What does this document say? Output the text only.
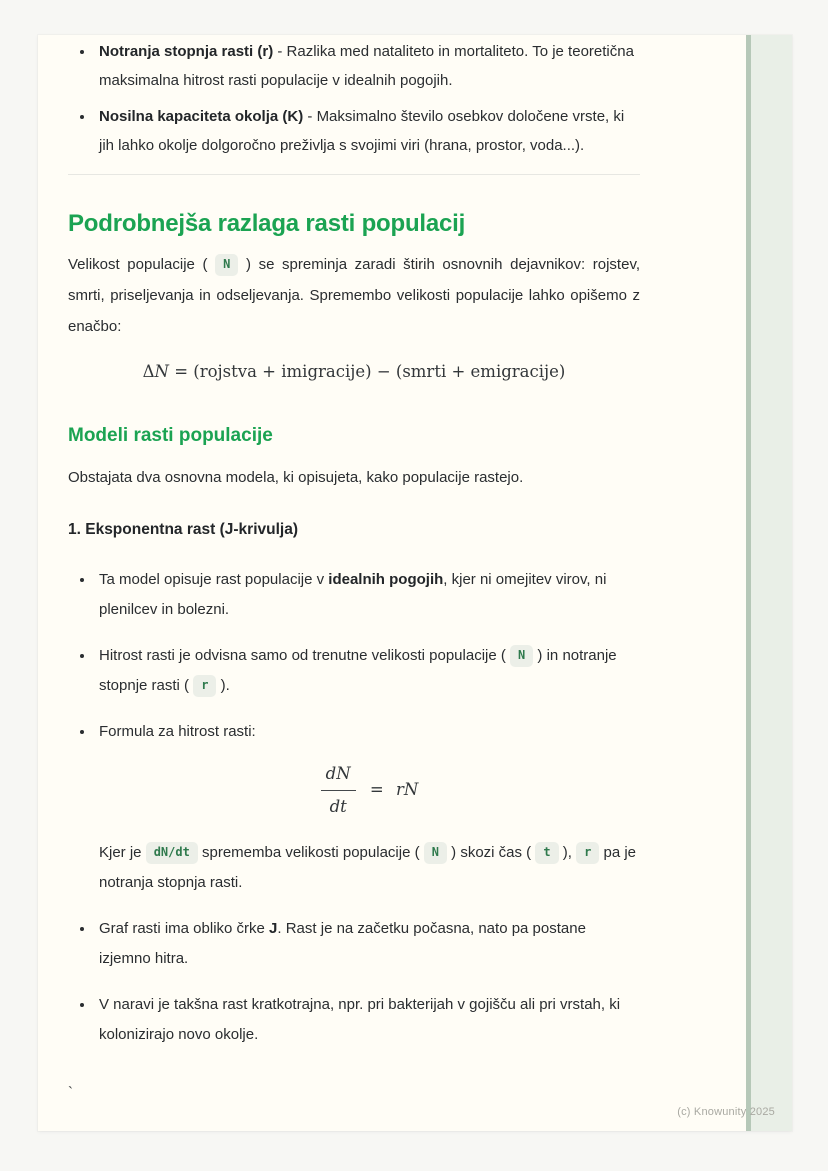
• Notranja stopnja rasti (r) - Razlika med nataliteto in mortaliteto. To je teoretična maksimalna hitrost rasti populacije v idealnih pogojih.
• Nosilna kapaciteta okolja (K) - Maksimalno število osebkov določene vrste, ki jih lahko okolje dolgoročno preživlja s svojimi viri (hrana, prostor, voda...).
Podrobnejša razlaga rasti populacij

Velikost populacije ( N ) se spreminja zaradi štirih osnovnih dejavnikov: rojstev, smrti, priseljevanja in odseljevanja. Spremembo velikosti populacije lahko opišemo z enačbo:

ΔN = (rojstva + imigracije) − (smrti + emigracije)
Modeli rasti populacije

Obstajata dva osnovna modela, ki opisujeta, kako populacije rastejo.

1. Eksponentna rast (J-krivulja)

• Ta model opisuje rast populacije v idealnih pogojih, kjer ni omejitev virov, ni plenilcev in bolezni.
• Hitrost rasti je odvisna samo od trenutne velikosti populacije ( N ) in notranje stopnje rasti ( r ).
• Formula za hitrost rasti:
$\frac{dN}{dt}$ = rN

Kjer je dN/dt sprememba velikosti populacije ( N ) skozi čas ( t ), r pa je notranja stopnja rasti.

• Graf rasti ima obliko črke J. Rast je na začetku počasna, nato pa postane izjemno hitra.
• V naravi je takšna rast kratkotrajna, npr. pri bakterijah v gojišču ali pri vrstah, ki kolonizirajo novo okolje.

`

(c) Knowunity 2025
